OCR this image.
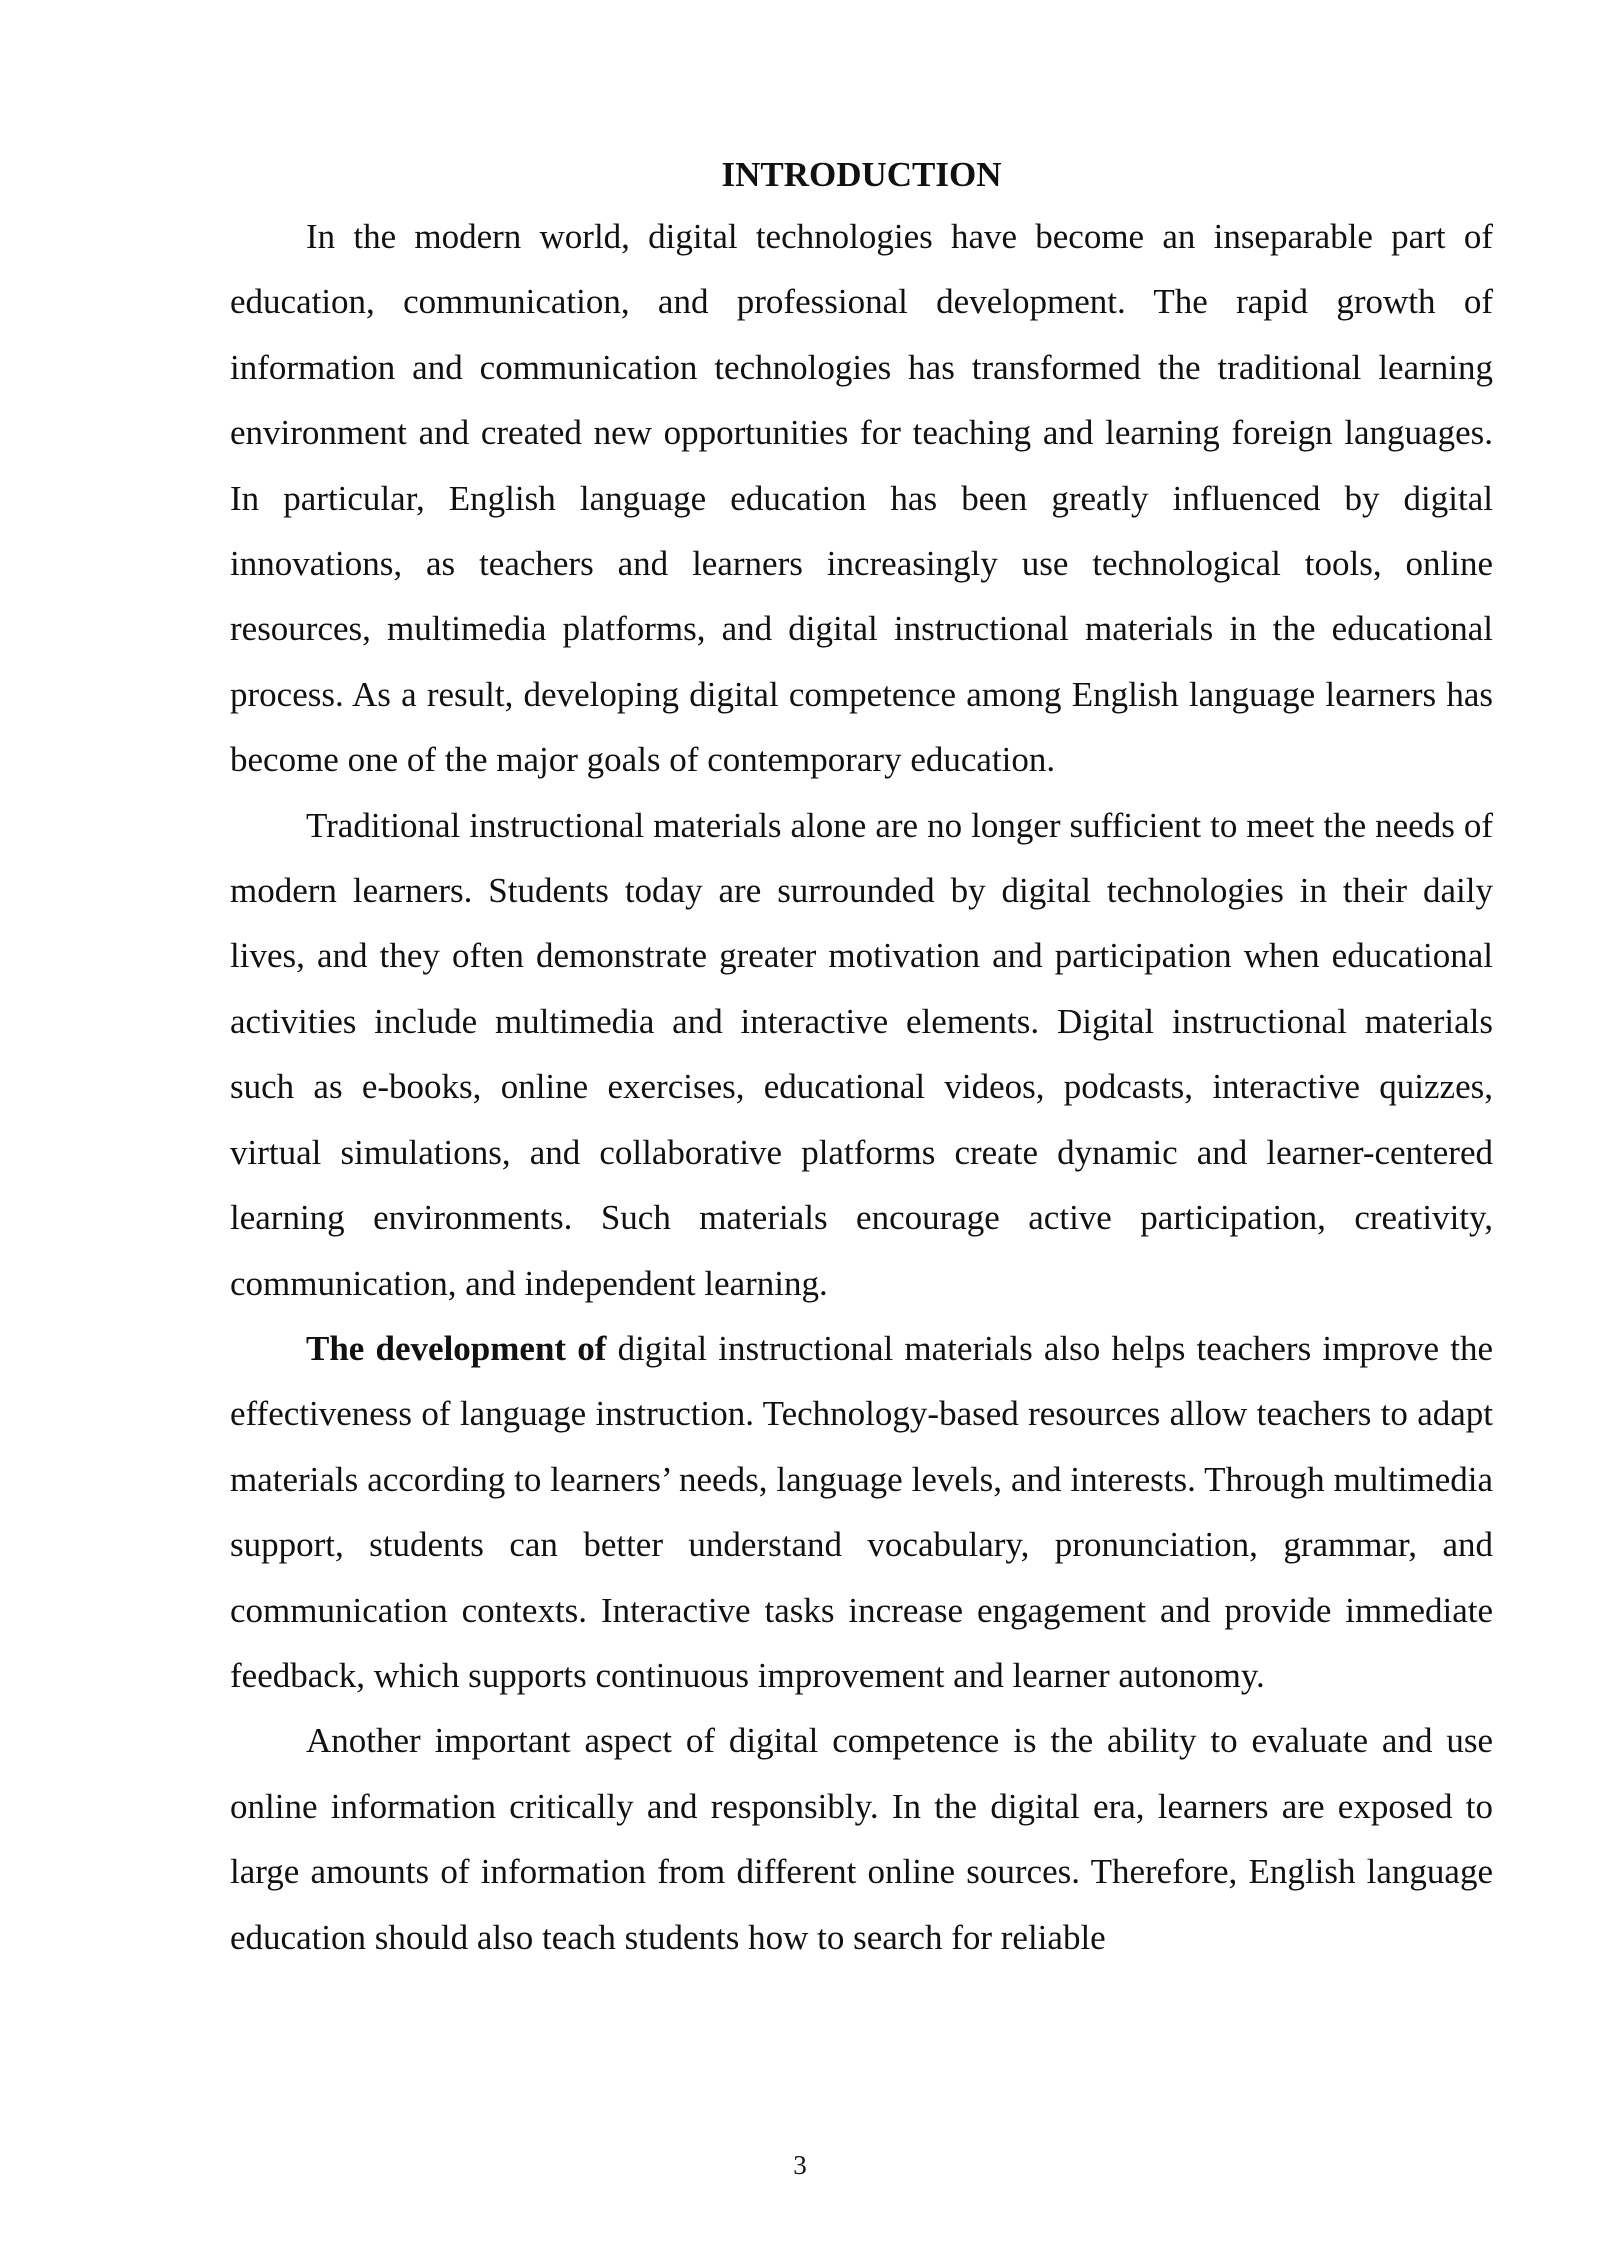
INTRODUCTION

In the modern world, digital technologies have become an inseparable part of education, communication, and professional development. The rapid growth of information and communication technologies has transformed the traditional learning environment and created new opportunities for teaching and learning foreign languages. In particular, English language education has been greatly influenced by digital innovations, as teachers and learners increasingly use technological tools, online resources, multimedia platforms, and digital instructional materials in the educational process. As a result, developing digital competence among English language learners has become one of the major goals of contemporary education.

Traditional instructional materials alone are no longer sufficient to meet the needs of modern learners. Students today are surrounded by digital technologies in their daily lives, and they often demonstrate greater motivation and participation when educational activities include multimedia and interactive elements. Digital instructional materials such as e-books, online exercises, educational videos, podcasts, interactive quizzes, virtual simulations, and collaborative platforms create dynamic and learner-centered learning environments. Such materials encourage active participation, creativity, communication, and independent learning.

The development of digital instructional materials also helps teachers improve the effectiveness of language instruction. Technology-based resources allow teachers to adapt materials according to learners’ needs, language levels, and interests. Through multimedia support, students can better understand vocabulary, pronunciation, grammar, and communication contexts. Interactive tasks increase engagement and provide immediate feedback, which supports continuous improvement and learner autonomy.

Another important aspect of digital competence is the ability to evaluate and use online information critically and responsibly. In the digital era, learners are exposed to large amounts of information from different online sources. Therefore, English language education should also teach students how to search for reliable

3
